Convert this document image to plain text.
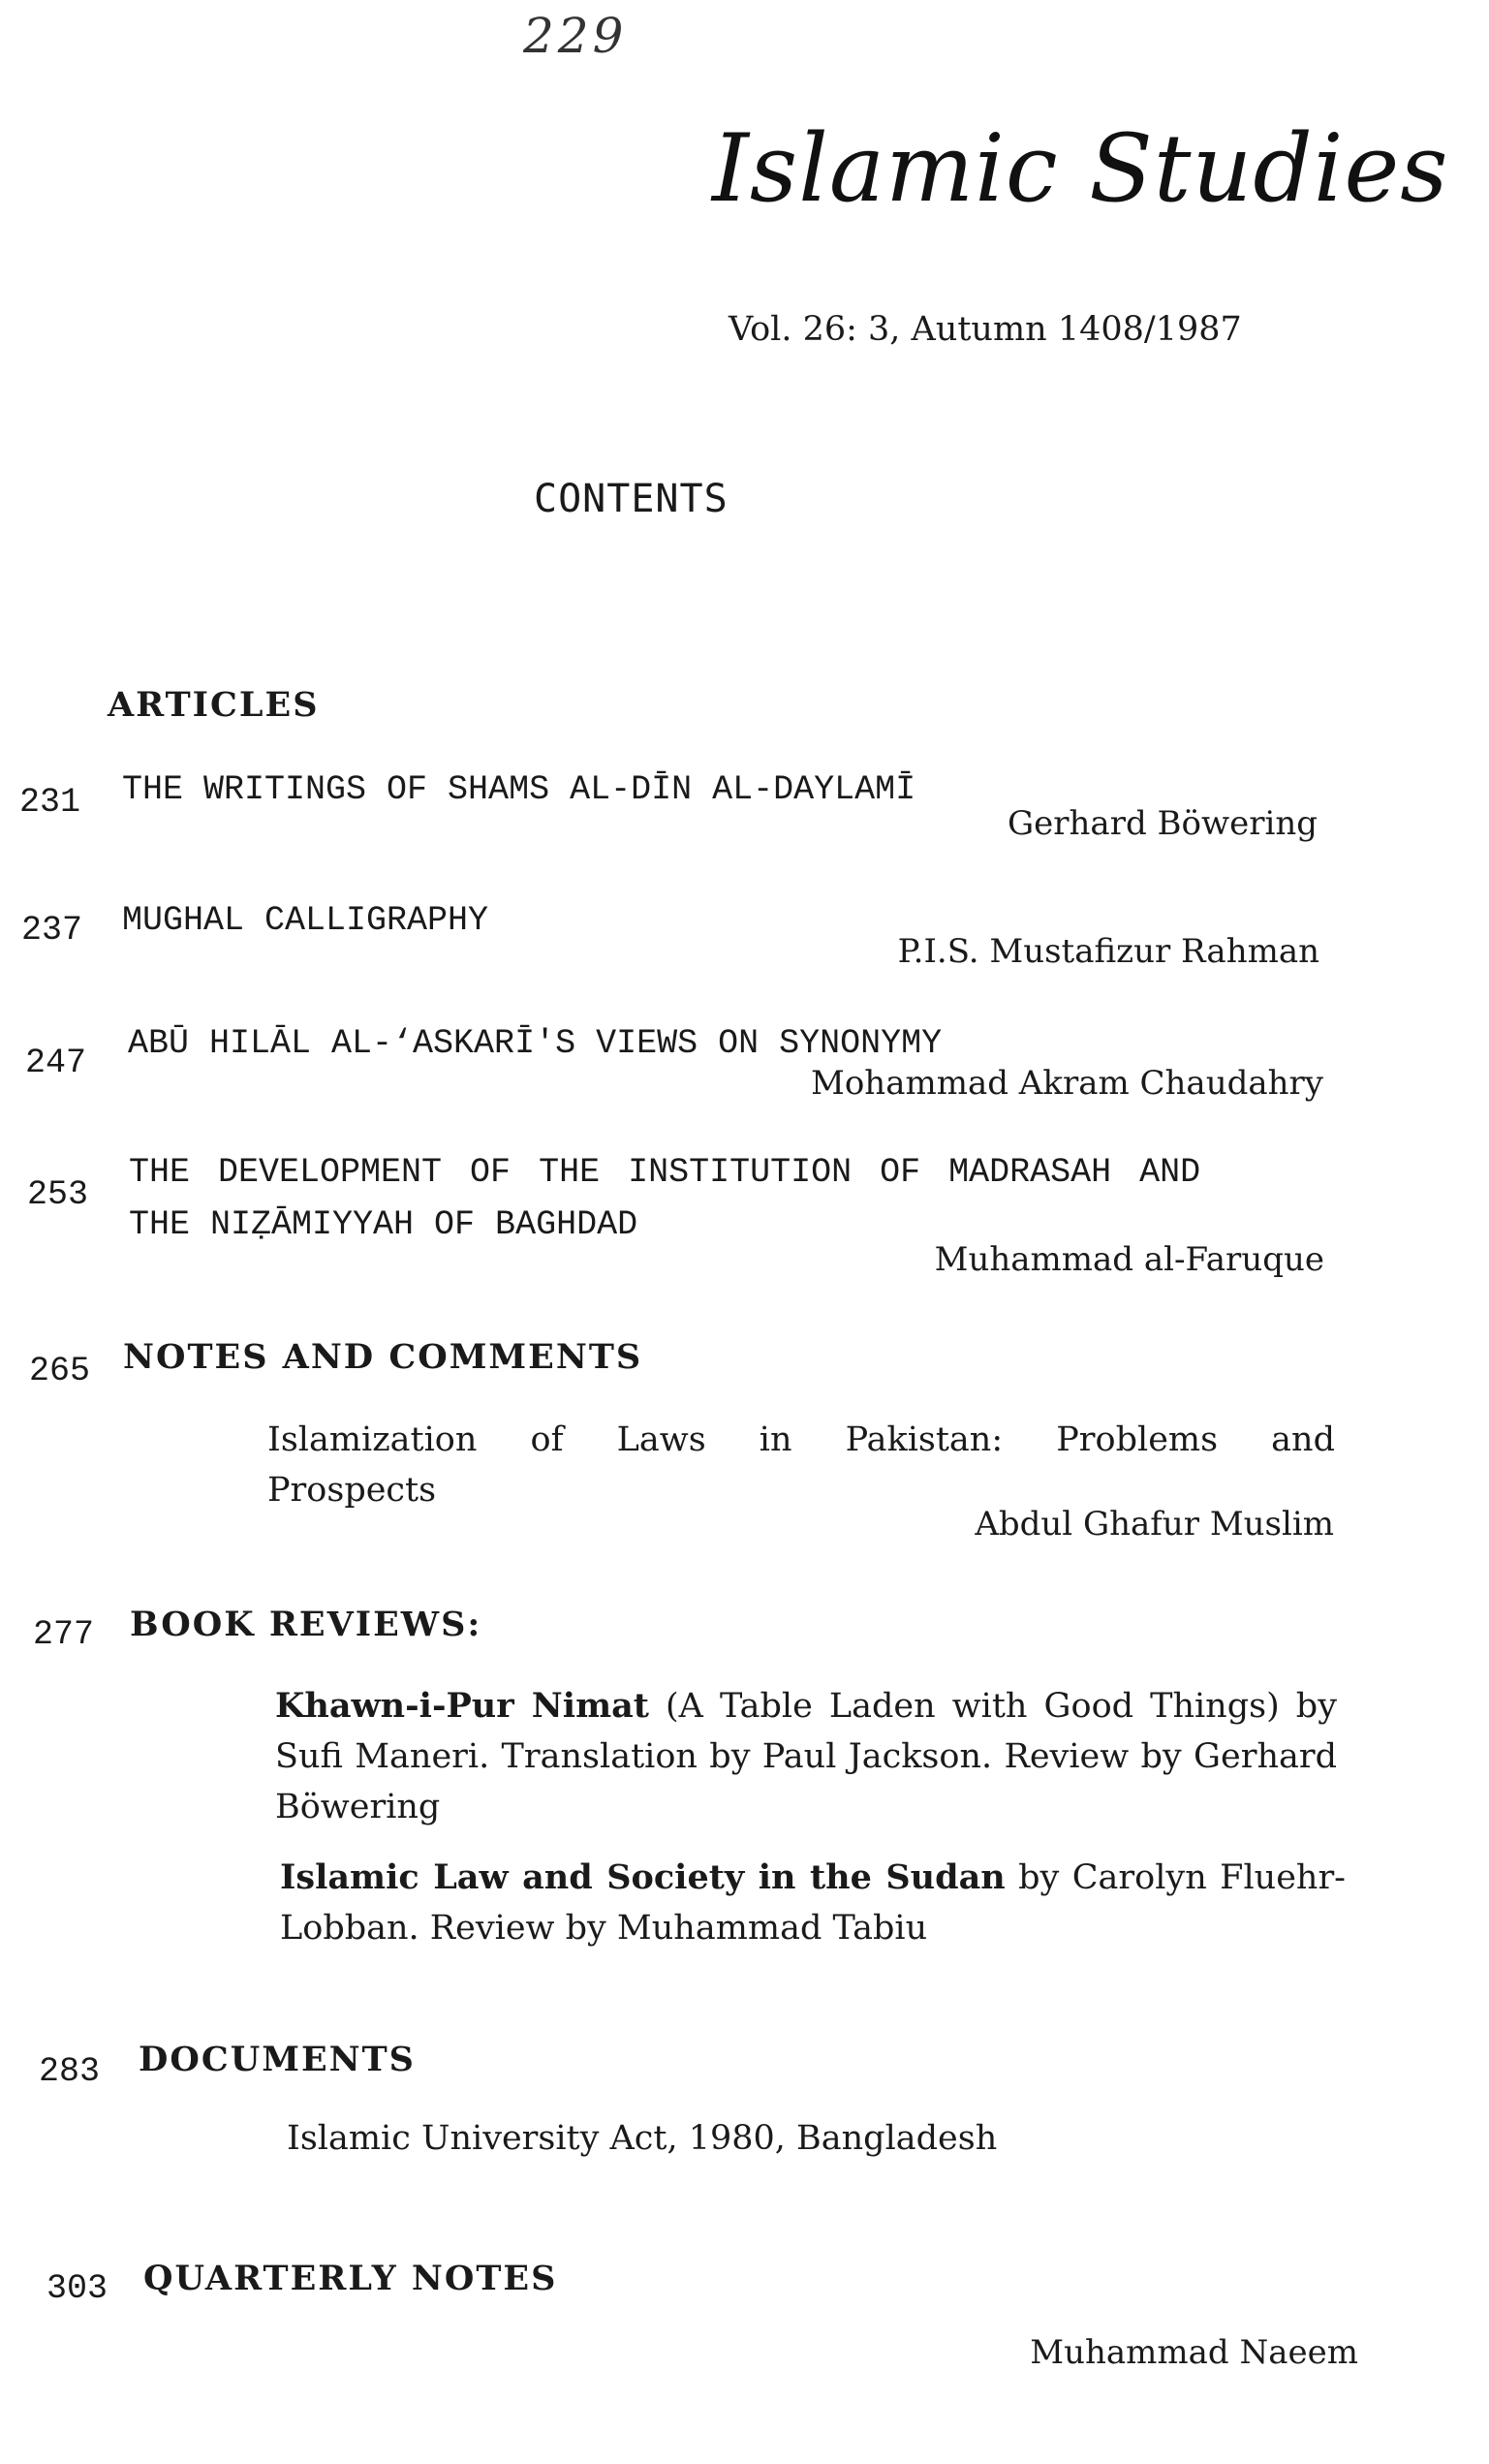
229
Islamic Studies
Vol. 26: 3, Autumn 1408/1987
CONTENTS
ARTICLES
231 THE WRITINGS OF SHAMS AL-DĪN AL-DAYLAMĪ
Gerhard Böwering
237 MUGHAL CALLIGRAPHY
P.I.S. Mustafizur Rahman
247 ABŪ HILĀL AL-‘ASKARĪ'S VIEWS ON SYNONYMY
Mohammad Akram Chaudahry
253
THE DEVELOPMENT OF THE INSTITUTION OF MADRASAH AND
THE NIẒĀMIYYAH OF BAGHDAD
Muhammad al-Faruque
265 NOTES AND COMMENTS
Islamization of Laws in Pakistan: Problems and Prospects
Abdul Ghafur Muslim
277 BOOK REVIEWS:
Khawn-i-Pur Nimat (A Table Laden with Good Things) by Sufi Maneri. Translation by Paul Jackson. Review by Gerhard Böwering
Islamic Law and Society in the Sudan by Carolyn Fluehr-Lobban. Review by Muhammad Tabiu
283 DOCUMENTS
Islamic University Act, 1980, Bangladesh
303 QUARTERLY NOTES
Muhammad Naeem
